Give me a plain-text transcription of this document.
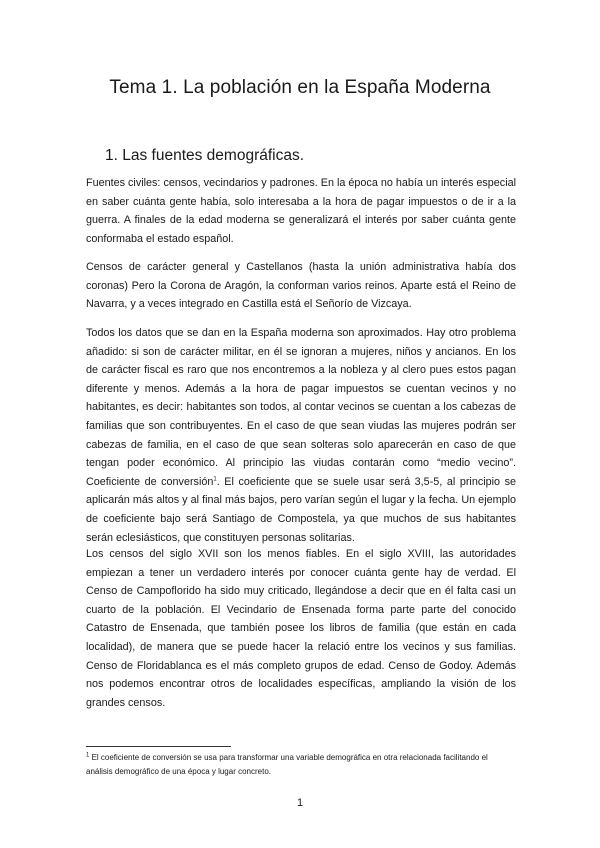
Tema 1. La población en la España Moderna
1. Las fuentes demográficas.

Fuentes civiles: censos, vecindarios y padrones. En la época no había un interés especial en saber cuánta gente había, solo interesaba a la hora de pagar impuestos o de ir a la guerra. A finales de la edad moderna se generalizará el interés por saber cuánta gente conformaba el estado español.

Censos de carácter general y Castellanos (hasta la unión administrativa había dos coronas) Pero la Corona de Aragón, la conforman varios reinos. Aparte está el Reino de Navarra, y a veces integrado en Castilla está el Señorío de Vizcaya.

Todos los datos que se dan en la España moderna son aproximados. Hay otro problema añadido: si son de carácter militar, en él se ignoran a mujeres, niños y ancianos. En los de carácter fiscal es raro que nos encontremos a la nobleza y al clero pues estos pagan diferente y menos. Además a la hora de pagar impuestos se cuentan vecinos y no habitantes, es decir: habitantes son todos, al contar vecinos se cuentan a los cabezas de familias que son contribuyentes. En el caso de que sean viudas las mujeres podrán ser cabezas de familia, en el caso de que sean solteras solo aparecerán en caso de que tengan poder económico. Al principio las viudas contarán como “medio vecino”. Coeficiente de conversión$^1$. El coeficiente que se suele usar será 3,5-5, al principio se aplicarán más altos y al final más bajos, pero varían según el lugar y la fecha. Un ejemplo de coeficiente bajo será Santiago de Compostela, ya que muchos de sus habitantes serán eclesiásticos, que constituyen personas solitarias.

Los censos del siglo XVII son los menos fiables. En el siglo XVIII, las autoridades empiezan a tener un verdadero interés por conocer cuánta gente hay de verdad. El Censo de Campoflorido ha sido muy criticado, llegándose a decir que en él falta casi un cuarto de la población. El Vecindario de Ensenada forma parte parte del conocido Catastro de Ensenada, que también posee los libros de familia (que están en cada localidad), de manera que se puede hacer la relació entre los vecinos y sus familias. Censo de Floridablanca es el más completo grupos de edad. Censo de Godoy. Además nos podemos encontrar otros de localidades específicas, ampliando la visión de los grandes censos.

$^1$ El coeficiente de conversión se usa para transformar una variable demográfica en otra relacionada facilitando el análisis demográfico de una época y lugar concreto.

1
